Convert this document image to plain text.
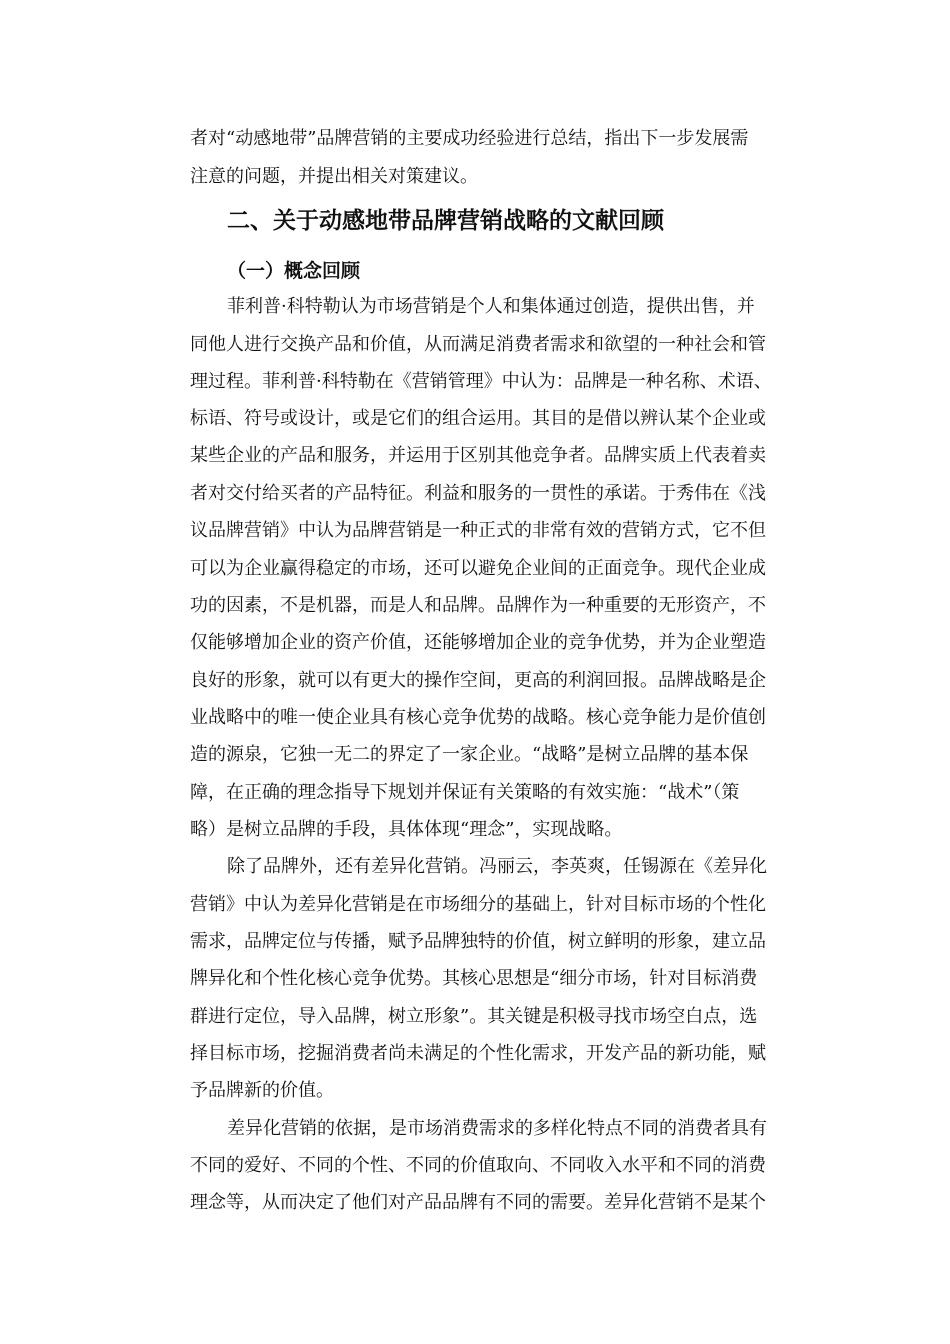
者对“动感地带”品牌营销的主要成功经验进行总结，指出下一步发展需
注意的问题，并提出相关对策建议。
二、关于动感地带品牌营销战略的文献回顾
（一）概念回顾
菲利普·科特勒认为市场营销是个人和集体通过创造，提供出售，并
同他人进行交换产品和价值，从而满足消费者需求和欲望的一种社会和管
理过程。菲利普·科特勒在《营销管理》中认为：品牌是一种名称、术语、
标语、符号或设计，或是它们的组合运用。其目的是借以辨认某个企业或
某些企业的产品和服务，并运用于区别其他竞争者。品牌实质上代表着卖
者对交付给买者的产品特征。利益和服务的一贯性的承诺。于秀伟在《浅
议品牌营销》中认为品牌营销是一种正式的非常有效的营销方式，它不但
可以为企业赢得稳定的市场，还可以避免企业间的正面竞争。现代企业成
功的因素，不是机器，而是人和品牌。品牌作为一种重要的无形资产，不
仅能够增加企业的资产价值，还能够增加企业的竞争优势，并为企业塑造
良好的形象，就可以有更大的操作空间，更高的利润回报。品牌战略是企
业战略中的唯一使企业具有核心竞争优势的战略。核心竞争能力是价值创
造的源泉，它独一无二的界定了一家企业。“战略”是树立品牌的基本保
障，在正确的理念指导下规划并保证有关策略的有效实施：“战术”（策
略）是树立品牌的手段，具体体现“理念”，实现战略。
除了品牌外，还有差异化营销。冯丽云，李英爽，任锡源在《差异化
营销》中认为差异化营销是在市场细分的基础上，针对目标市场的个性化
需求，品牌定位与传播，赋予品牌独特的价值，树立鲜明的形象，建立品
牌异化和个性化核心竞争优势。其核心思想是“细分市场，针对目标消费
群进行定位，导入品牌，树立形象”。其关键是积极寻找市场空白点，选
择目标市场，挖掘消费者尚未满足的个性化需求，开发产品的新功能，赋
予品牌新的价值。
差异化营销的依据，是市场消费需求的多样化特点不同的消费者具有
不同的爱好、不同的个性、不同的价值取向、不同收入水平和不同的消费
理念等，从而决定了他们对产品品牌有不同的需要。差异化营销不是某个
